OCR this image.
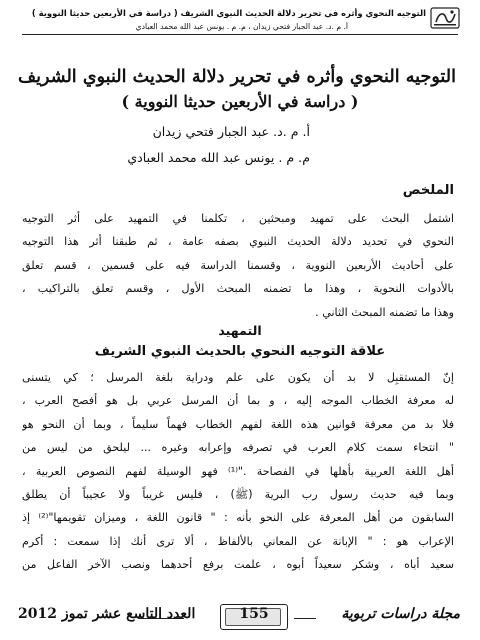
التوجيه النحوي وأثره في تحرير دلالة الحديث النبوي الشريف ( دراسة في الأربعين حديثا النووية )
أ. م .د. عبد الجبار فتحي زيدان ، م. م . يونس عبد الله محمد العبادي
التوجيه النحوي وأثره في تحرير دلالة الحديث النبوي الشريف
( دراسة في الأربعين حديثا النووية )
أ. م .د. عبد الجبار فتحي زيدان
م. م . يونس عبد الله محمد العبادي
الملخص
اشتمل البحث على تمهيد ومبحثين ، تكلمنا في التمهيد على أثر التوجيه
النحوي في تحديد دلالة الحديث النبوي بصفه عامة ، ثم طبقنا أثر هذا التوجيه
على أحاديث الأربعين النووية ، وقسمنا الدراسة فيه على قسمين ، قسم تعلق
بالأدوات النحوية ، وهذا ما تضمنه المبحث الأول ، وقسم تعلق بالتراكيب ،
وهذا ما تضمنه المبحث الثاني .
التمهيد
علاقة التوجيه النحوي بالحديث النبوي الشريف
إنّ المستقبِل لا بد أن يكون على علم ودراية بلغة المرسل ؛ كي يتسنى
له معرفة الخطاب الموجه إليه ، و بما أن المرسل عربي بل هو أفصح العرب ،
فلا بد من معرفة قوانين هذه اللغة لفهم الخطاب فهماً سليماً ، وبما أن النحو هو
" انتحاء سمت كلام العرب في تصرفه وإعرابه وغيره ... ليلحق من ليس من
أهل اللغة العربية بأهلها في الفصاحة ."⁽¹⁾ فهو الوسيلة لفهم النصوص العربية ،
وبما فيه حديث رسول رب البرية (ﷺ) ، فليس غريباً ولا عجيباً أن يطلق
السابقون من أهل المعرفة على النحو بأنه : " قانون اللغة ، وميزان تقويمها"⁽²⁾ إذ
الإعراب هو : " الإبانة عن المعاني بالألفاظ ، ألا ترى أنك إذا سمعت : أكرم
سعيد أباه ، وشكر سعيداً أبوه ، علمت برفع أحدهما ونصب الآخر الفاعل من
مجلة دراسات تربوية
155
العدد التاسع عشر تموز 2012
